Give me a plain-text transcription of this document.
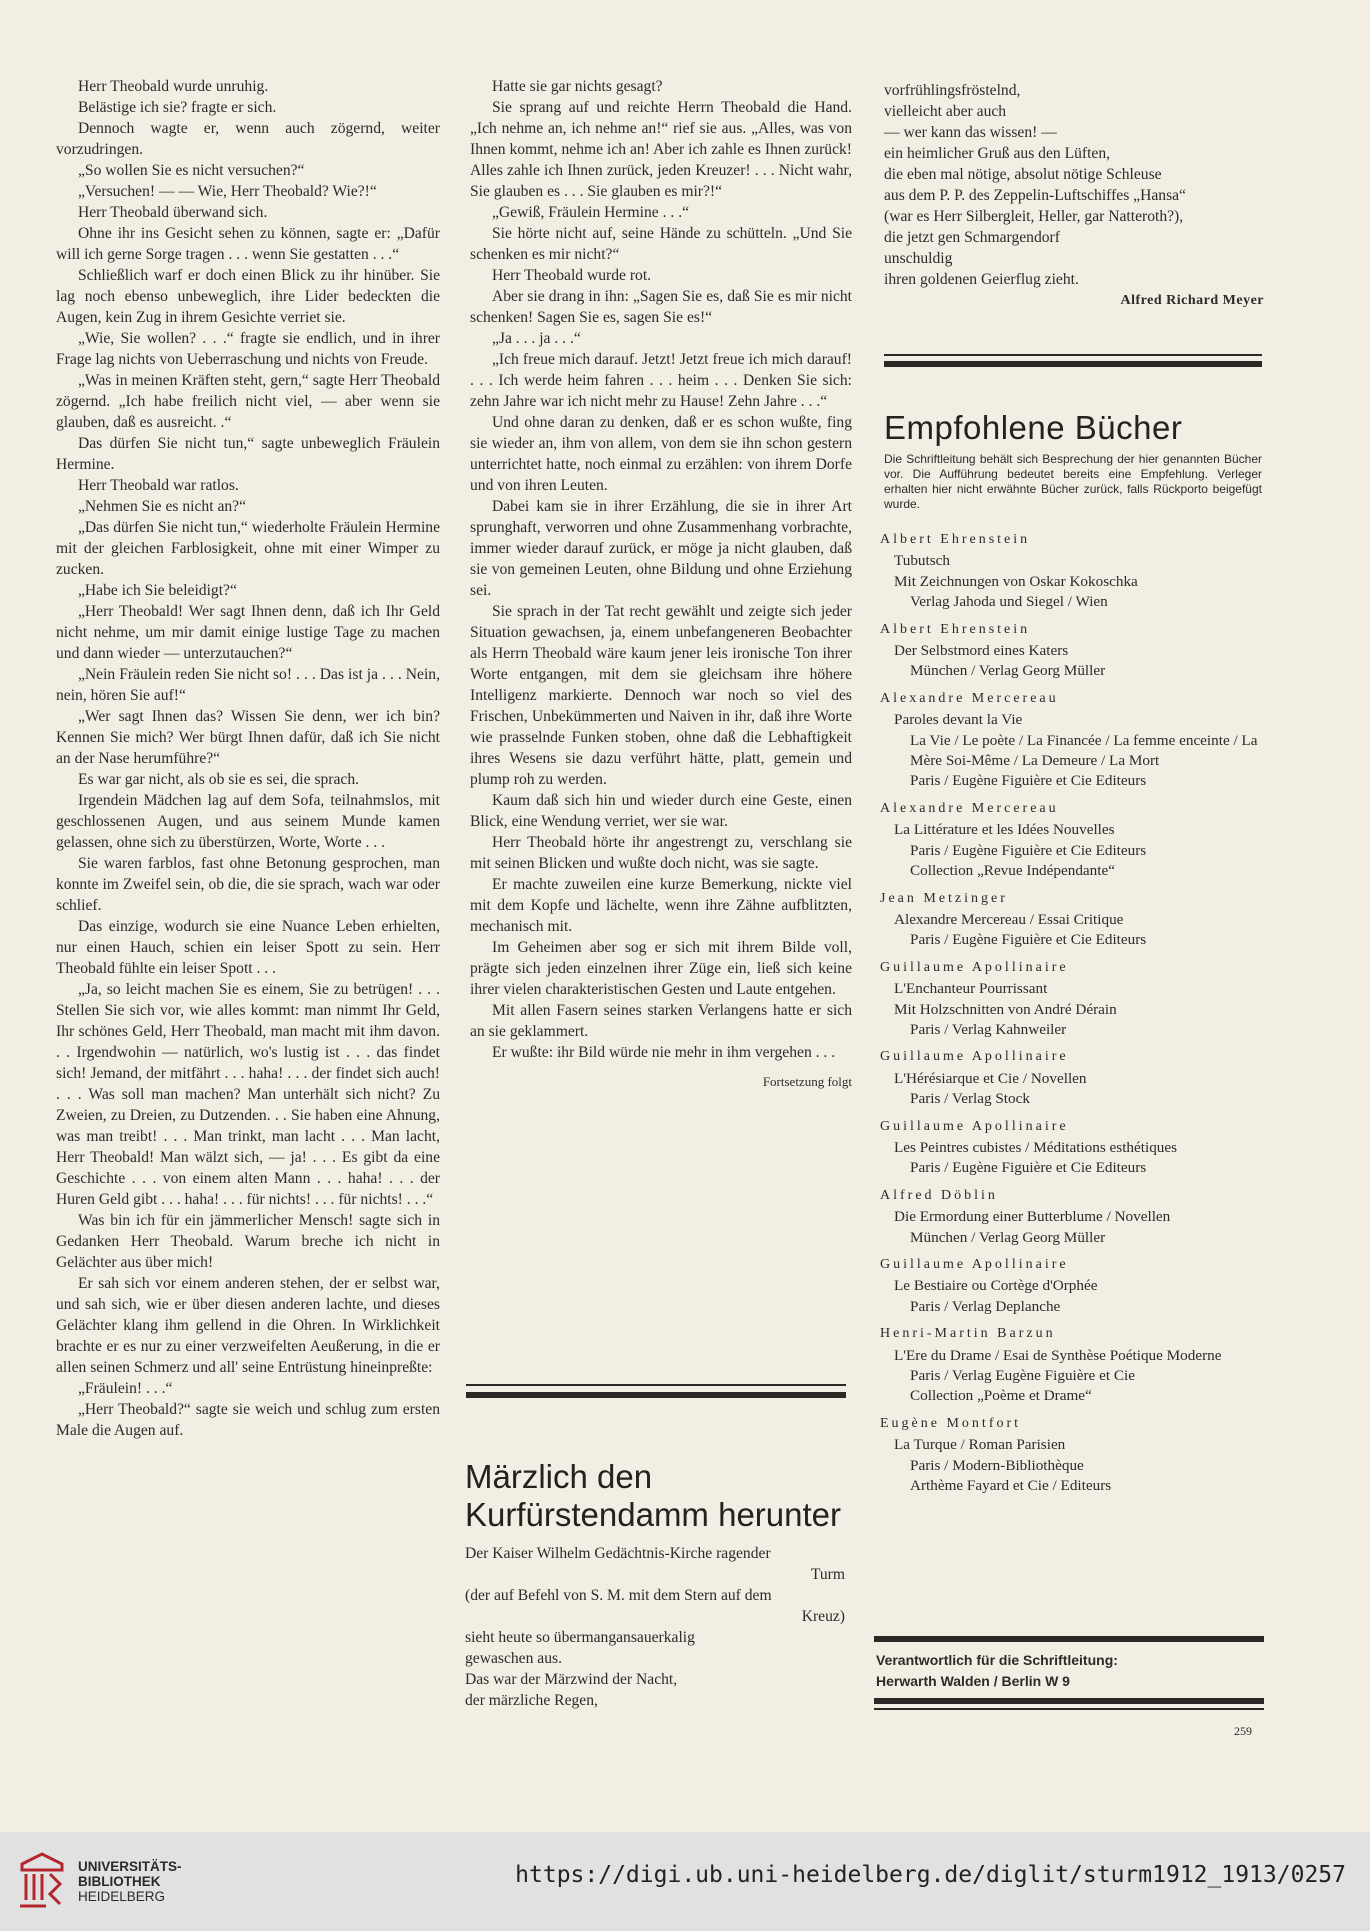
Herr Theobald wurde unruhig.

Belästige ich sie? fragte er sich.

Dennoch wagte er, wenn auch zögernd, weiter vorzudringen.

„So wollen Sie es nicht versuchen?“

„Versuchen! — — Wie, Herr Theobald? Wie?!“

Herr Theobald überwand sich.

Ohne ihr ins Gesicht sehen zu können, sagte er: „Dafür will ich gerne Sorge tragen . . . wenn Sie gestatten . . .“

Schließlich warf er doch einen Blick zu ihr hinüber. Sie lag noch ebenso unbeweglich, ihre Lider bedeckten die Augen, kein Zug in ihrem Gesichte verriet sie.

„Wie, Sie wollen? . . .“ fragte sie endlich, und in ihrer Frage lag nichts von Ueberraschung und nichts von Freude.

„Was in meinen Kräften steht, gern,“ sagte Herr Theobald zögernd. „Ich habe freilich nicht viel, — aber wenn sie glauben, daß es ausreicht. .“

Das dürfen Sie nicht tun,“ sagte unbeweglich Fräulein Hermine.

Herr Theobald war ratlos.

„Nehmen Sie es nicht an?“

„Das dürfen Sie nicht tun,“ wiederholte Fräulein Hermine mit der gleichen Farblosigkeit, ohne mit einer Wimper zu zucken.

„Habe ich Sie beleidigt?“

„Herr Theobald! Wer sagt Ihnen denn, daß ich Ihr Geld nicht nehme, um mir damit einige lustige Tage zu machen und dann wieder — unterzutauchen?“

„Nein Fräulein reden Sie nicht so! . . . Das ist ja . . . Nein, nein, hören Sie auf!“

„Wer sagt Ihnen das? Wissen Sie denn, wer ich bin? Kennen Sie mich? Wer bürgt Ihnen dafür, daß ich Sie nicht an der Nase herumführe?“

Es war gar nicht, als ob sie es sei, die sprach.

Irgendein Mädchen lag auf dem Sofa, teilnahmslos, mit geschlossenen Augen, und aus seinem Munde kamen gelassen, ohne sich zu überstürzen, Worte, Worte . . .

Sie waren farblos, fast ohne Betonung gesprochen, man konnte im Zweifel sein, ob die, die sie sprach, wach war oder schlief.

Das einzige, wodurch sie eine Nuance Leben erhielten, nur einen Hauch, schien ein leiser Spott zu sein. Herr Theobald fühlte ein leiser Spott . . .

„Ja, so leicht machen Sie es einem, Sie zu betrügen! . . . Stellen Sie sich vor, wie alles kommt: man nimmt Ihr Geld, Ihr schönes Geld, Herr Theobald, man macht mit ihm davon. . . Irgendwohin — natürlich, wo's lustig ist . . . das findet sich! Jemand, der mitfährt . . . haha! . . . der findet sich auch! . . . Was soll man machen? Man unterhält sich nicht? Zu Zweien, zu Dreien, zu Dutzenden. . . Sie haben eine Ahnung, was man treibt! . . . Man trinkt, man lacht . . . Man lacht, Herr Theobald! Man wälzt sich, — ja! . . . Es gibt da eine Geschichte . . . von einem alten Mann . . . haha! . . . der Huren Geld gibt . . . haha! . . . für nichts! . . . für nichts! . . .“

Was bin ich für ein jämmerlicher Mensch! sagte sich in Gedanken Herr Theobald. Warum breche ich nicht in Gelächter aus über mich!

Er sah sich vor einem anderen stehen, der er selbst war, und sah sich, wie er über diesen anderen lachte, und dieses Gelächter klang ihm gellend in die Ohren. In Wirklichkeit brachte er es nur zu einer verzweifelten Aeußerung, in die er allen seinen Schmerz und all' seine Entrüstung hineinpreßte:

„Fräulein! . . .“

„Herr Theobald?“ sagte sie weich und schlug zum ersten Male die Augen auf.

Hatte sie gar nichts gesagt?

Sie sprang auf und reichte Herrn Theobald die Hand. „Ich nehme an, ich nehme an!“ rief sie aus. „Alles, was von Ihnen kommt, nehme ich an! Aber ich zahle es Ihnen zurück! Alles zahle ich Ihnen zurück, jeden Kreuzer! . . . Nicht wahr, Sie glauben es . . . Sie glauben es mir?!“

„Gewiß, Fräulein Hermine . . .“

Sie hörte nicht auf, seine Hände zu schütteln. „Und Sie schenken es mir nicht?“

Herr Theobald wurde rot.

Aber sie drang in ihn: „Sagen Sie es, daß Sie es mir nicht schenken! Sagen Sie es, sagen Sie es!“

„Ja . . . ja . . .“

„Ich freue mich darauf. Jetzt! Jetzt freue ich mich darauf! . . . Ich werde heim fahren . . . heim . . . Denken Sie sich: zehn Jahre war ich nicht mehr zu Hause! Zehn Jahre . . .“

Und ohne daran zu denken, daß er es schon wußte, fing sie wieder an, ihm von allem, von dem sie ihn schon gestern unterrichtet hatte, noch einmal zu erzählen: von ihrem Dorfe und von ihren Leuten.

Dabei kam sie in ihrer Erzählung, die sie in ihrer Art sprunghaft, verworren und ohne Zusammenhang vorbrachte, immer wieder darauf zurück, er möge ja nicht glauben, daß sie von gemeinen Leuten, ohne Bildung und ohne Erziehung sei.

Sie sprach in der Tat recht gewählt und zeigte sich jeder Situation gewachsen, ja, einem unbefangeneren Beobachter als Herrn Theobald wäre kaum jener leis ironische Ton ihrer Worte entgangen, mit dem sie gleichsam ihre höhere Intelligenz markierte. Dennoch war noch so viel des Frischen, Unbekümmerten und Naiven in ihr, daß ihre Worte wie prasselnde Funken stoben, ohne daß die Lebhaftigkeit ihres Wesens sie dazu verführt hätte, platt, gemein und plump roh zu werden.

Kaum daß sich hin und wieder durch eine Geste, einen Blick, eine Wendung verriet, wer sie war.

Herr Theobald hörte ihr angestrengt zu, verschlang sie mit seinen Blicken und wußte doch nicht, was sie sagte.

Er machte zuweilen eine kurze Bemerkung, nickte viel mit dem Kopfe und lächelte, wenn ihre Zähne aufblitzten, mechanisch mit.

Im Geheimen aber sog er sich mit ihrem Bilde voll, prägte sich jeden einzelnen ihrer Züge ein, ließ sich keine ihrer vielen charakteristischen Gesten und Laute entgehen.

Mit allen Fasern seines starken Verlangens hatte er sich an sie geklammert.

Er wußte: ihr Bild würde nie mehr in ihm vergehen . . .

Fortsetzung folgt
Märzlich den Kurfürstendamm herunter
Der Kaiser Wilhelm Gedächtnis-Kirche ragender
Turm
(der auf Befehl von S. M. mit dem Stern auf dem
Kreuz)
sieht heute so übermangansauerkalig
gewaschen aus.
Das war der Märzwind der Nacht,
der märzliche Regen,
vorfrühlingsfröstelnd,
vielleicht aber auch
— wer kann das wissen! —
ein heimlicher Gruß aus den Lüften,
die eben mal nötige, absolut nötige Schleuse
aus dem P. P. des Zeppelin-Luftschiffes „Hansa“
(war es Herr Silbergleit, Heller, gar Natteroth?),
die jetzt gen Schmargendorf
unschuldig
ihren goldenen Geierflug zieht.
Alfred Richard Meyer
Empfohlene Bücher
Die Schriftleitung behält sich Besprechung der hier genannten Bücher vor. Die Aufführung bedeutet bereits eine Empfehlung. Verleger erhalten hier nicht erwähnte Bücher zurück, falls Rückporto beigefügt wurde.
Albert Ehrenstein
Tubutsch
Mit Zeichnungen von Oskar Kokoschka
Verlag Jahoda und Siegel / Wien
Albert Ehrenstein
Der Selbstmord eines Katers
München / Verlag Georg Müller
Alexandre Mercereau
Paroles devant la Vie
La Vie / Le poète / La Financée / La femme enceinte / La Mère Soi-Même / La Demeure / La Mort
Paris / Eugène Figuière et Cie Editeurs
Alexandre Mercereau
La Littérature et les Idées Nouvelles
Paris / Eugène Figuière et Cie Editeurs
Collection „Revue Indépendante“
Jean Metzinger
Alexandre Mercereau / Essai Critique
Paris / Eugène Figuière et Cie Editeurs
Guillaume Apollinaire
L'Enchanteur Pourrissant
Mit Holzschnitten von André Dérain
Paris / Verlag Kahnweiler
Guillaume Apollinaire
L'Hérésiarque et Cie / Novellen
Paris / Verlag Stock
Guillaume Apollinaire
Les Peintres cubistes / Méditations esthétiques
Paris / Eugène Figuière et Cie Editeurs
Alfred Döblin
Die Ermordung einer Butterblume / Novellen
München / Verlag Georg Müller
Guillaume Apollinaire
Le Bestiaire ou Cortège d'Orphée
Paris / Verlag Deplanche
Henri-Martin Barzun
L'Ere du Drame / Esai de Synthèse Poétique Moderne
Paris / Verlag Eugène Figuière et Cie
Collection „Poème et Drame“
Eugène Montfort
La Turque / Roman Parisien
Paris / Modern-Bibliothèque
Arthème Fayard et Cie / Editeurs
Verantwortlich für die Schriftleitung:
Herwarth Walden / Berlin W 9
259
UNIVERSITÄTS-
BIBLIOTHEK
HEIDELBERG
https://digi.ub.uni-heidelberg.de/diglit/sturm1912_1913/0257
